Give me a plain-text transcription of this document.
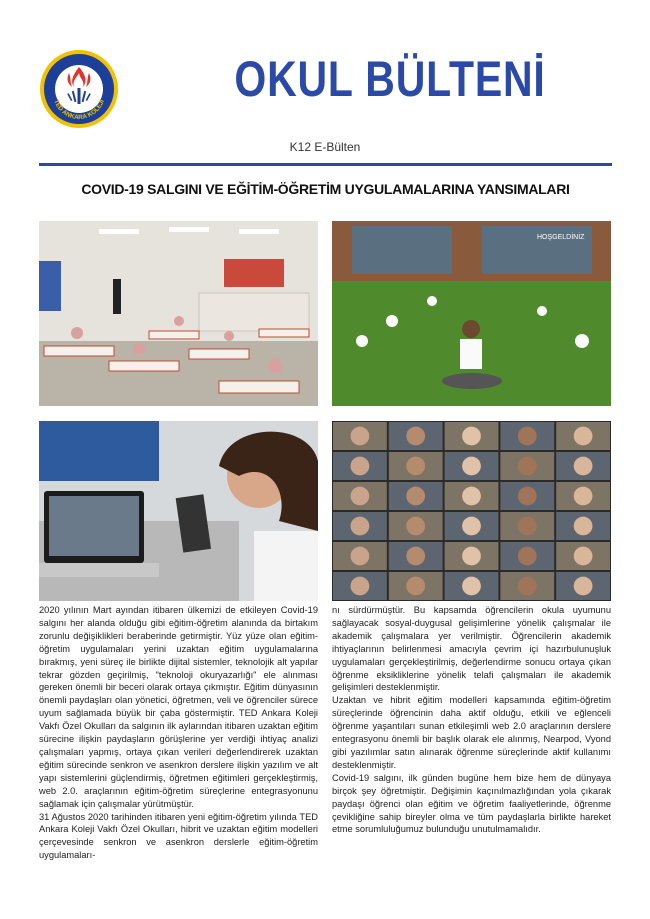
TED ANKARA KOLEJİ	OKUL BÜLTENİ
K12 E-Bülten
COVID-19 SALGINI VE EĞİTİM-ÖĞRETİM UYGULAMALARINA YANSIMALARI
HOŞGELDİNİZ

2020 yılının Mart ayından itibaren ülkemizi de etkileyen Covid-19 salgını her alanda olduğu gibi eğitim-öğretim alanında da birtakım zorunlu değişiklikleri beraberinde getirmiştir. Yüz yüze olan eğitim-öğretim uygulamaları yerini uzaktan eğitim uygulamalarına bırakmış, yeni süreç ile birlikte dijital sistemler, teknolojik alt yapılar tekrar gözden geçirilmiş, "teknoloji okuryazarlığı" ele alınması gereken önemli bir beceri olarak ortaya çıkmıştır. Eğitim dünyasının önemli paydaşları olan yönetici, öğretmen, veli ve öğrenciler sürece uyum sağlamada büyük bir çaba göstermiştir. TED Ankara Koleji Vakfı Özel Okulları da salgının ilk aylarından itibaren uzaktan eğitim sürecine ilişkin paydaşların görüşlerine yer verdiği ihtiyaç analizi çalışmaları yapmış, ortaya çıkan verileri değerlendirerek uzaktan eğitim sürecinde senkron ve asenkron derslere ilişkin yazılım ve alt yapı sistemlerini güçlendirmiş, öğretmen eğitimleri gerçekleştirmiş, web 2.0. araçlarının eğitim-öğretim süreçlerine entegrasyonunu sağlamak için çalışmalar yürütmüştür.

31 Ağustos 2020 tarihinden itibaren yeni eğitim-öğretim yılında TED Ankara Koleji Vakfı Özel Okulları, hibrit ve uzaktan eğitim modelleri çerçevesinde senkron ve asenkron derslerle eğitim-öğretim uygulamaları-

nı sürdürmüştür. Bu kapsamda öğrencilerin okula uyumunu sağlayacak sosyal-duygusal gelişimlerine yönelik çalışmalar ile akademik çalışmalara yer verilmiştir. Öğrencilerin akademik ihtiyaçlarının belirlenmesi amacıyla çevrim içi hazırbulunuşluk uygulamaları gerçekleştirilmiş, değerlendirme sonucu ortaya çıkan öğrenme eksikliklerine yönelik telafi çalışmaları ile akademik gelişimleri desteklenmiştir.

Uzaktan ve hibrit eğitim modelleri kapsamında eğitim-öğretim süreçlerinde öğrencinin daha aktif olduğu, etkili ve eğlenceli öğrenme yaşantıları sunan etkileşimli web 2.0 araçlarının derslere entegrasyonu önemli bir başlık olarak ele alınmış, Nearpod, Vyond gibi yazılımlar satın alınarak öğrenme süreçlerinde aktif kullanımı desteklenmiştir.

Covid-19 salgını, ilk günden bugüne hem bize hem de dünyaya birçok şey öğretmiştir. Değişimin kaçınılmazlığından yola çıkarak paydaşı öğrenci olan eğitim ve öğretim faaliyetlerinde, öğrenme çevikliğine sahip bireyler olma ve tüm paydaşlarla birlikte hareket etme sorumluluğumuz bulunduğu unutulmamalıdır.
